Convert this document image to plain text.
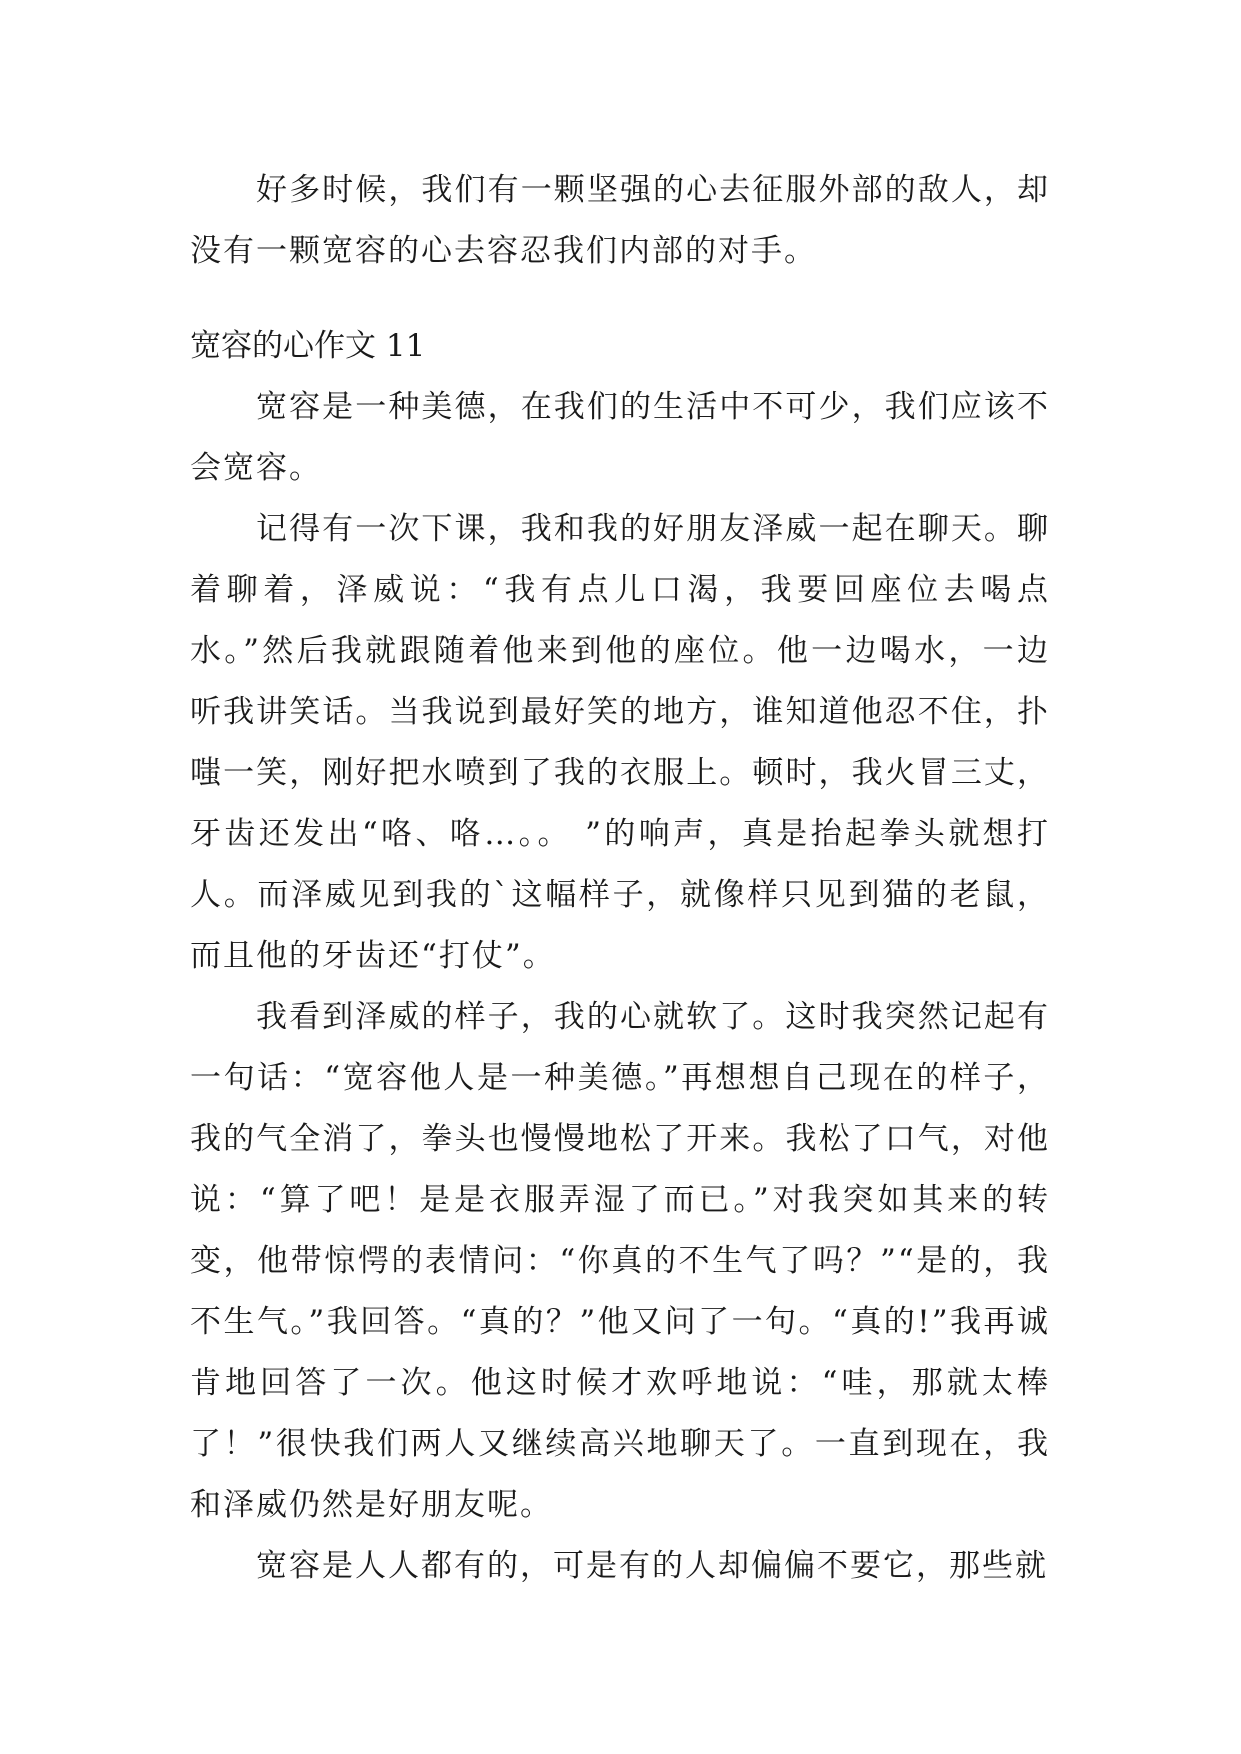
好多时候，我们有一颗坚强的心去征服外部的敌人，却没有一颗宽容的心去容忍我们内部的对手。

宽容的心作文 11

宽容是一种美德，在我们的生活中不可少，我们应该不会宽容。

记得有一次下课，我和我的好朋友泽威一起在聊天。聊着聊着，泽威说：“我有点儿口渴，我要回座位去喝点水。”然后我就跟随着他来到他的座位。他一边喝水，一边听我讲笑话。当我说到最好笑的地方，谁知道他忍不住，扑嗤一笑，刚好把水喷到了我的衣服上。顿时，我火冒三丈，牙齿还发出“咯、咯…。。 ”的响声，真是抬起拳头就想打人。而泽威见到我的`这幅样子，就像样只见到猫的老鼠，而且他的牙齿还“打仗”。

我看到泽威的样子，我的心就软了。这时我突然记起有一句话：“宽容他人是一种美德。”再想想自己现在的样子，我的气全消了，拳头也慢慢地松了开来。我松了口气，对他说：“算了吧！是是衣服弄湿了而已。”对我突如其来的转变，他带惊愕的表情问：“你真的不生气了吗？”“是的，我不生气。”我回答。“真的？”他又问了一句。“真的!”我再诚肯地回答了一次。他这时候才欢呼地说：“哇，那就太棒了！”很快我们两人又继续高兴地聊天了。一直到现在，我和泽威仍然是好朋友呢。

宽容是人人都有的，可是有的人却偏偏不要它，那些就
